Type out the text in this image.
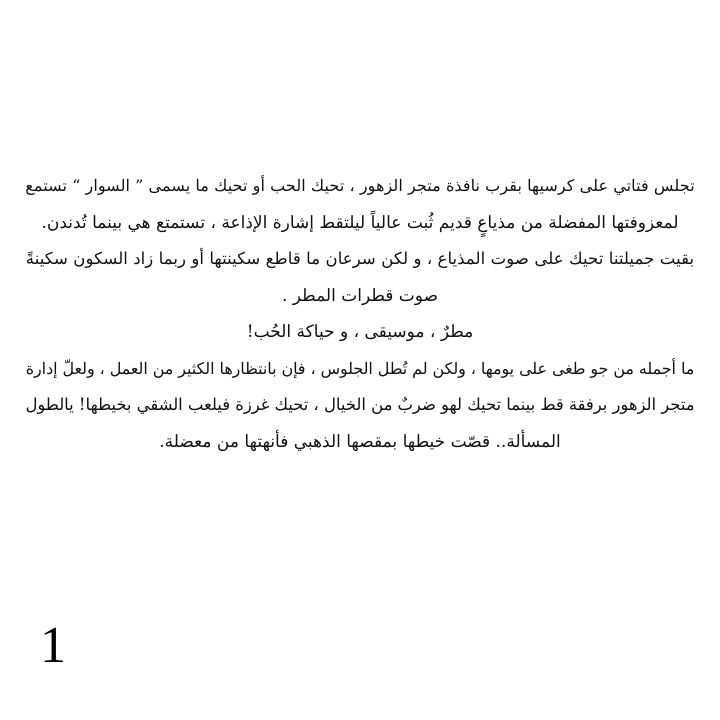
تجلس فتاتي على كرسيها بقرب نافذة متجر الزهور ، تحيك الحب أو تحيك ما يسمى ” السوار “ تستمع
لمعزوفتها المفضلة من مذياعٍ قديم ثُبت عالياً ليلتقط إشارة الإذاعة ، تستمتع هي بينما تُدندن.
بقيت جميلتنا تحيك على صوت المذياع ، و لكن سرعان ما قاطع سكينتها أو ربما زاد السكون سكينةً
صوت قطرات المطر .
مطرٌ ، موسيقى ، و حياكة الحُب!
ما أجمله من جو طغى على يومها ، ولكن لم تُطل الجلوس ، فإن بانتظارها الكثير من العمل ، ولعلّ إدارة
متجر الزهور برفقة قط بينما تحيك لهو ضربٌ من الخيال ، تحيك غرزة فيلعب الشقي بخيطها! يالطول
المسألة.. قصّت خيطها بمقصها الذهبي فأنهتها من معضلة.
1
